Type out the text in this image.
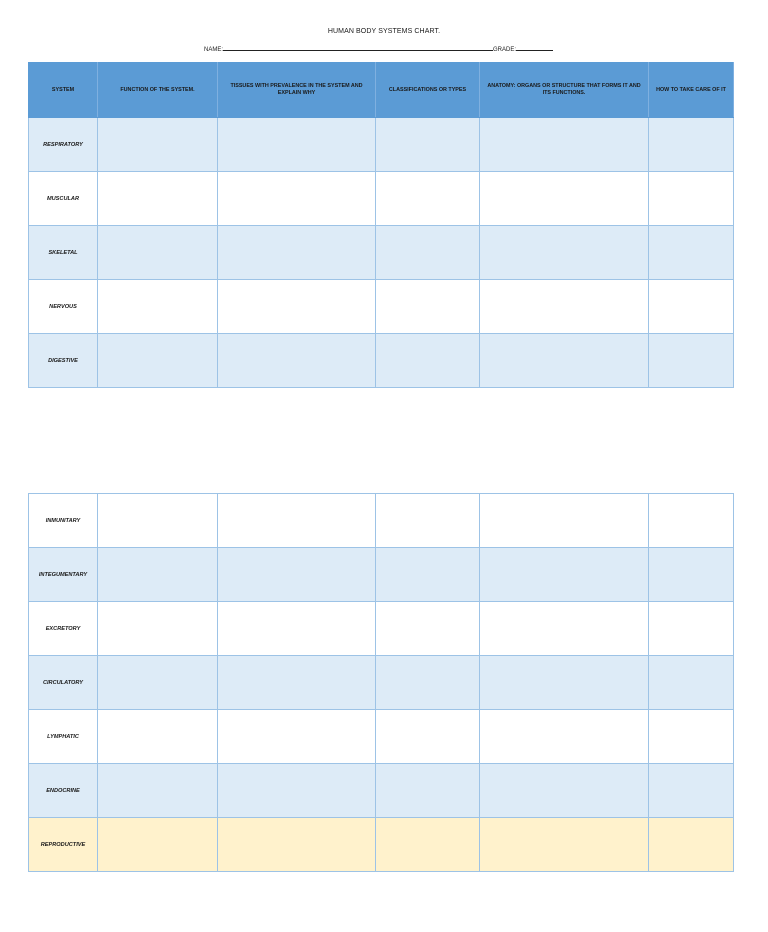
HUMAN BODY SYSTEMS CHART.
NAME:	GRADE:
SYSTEM	FUNCTION OF THE SYSTEM.	TISSUES WITH PREVALENCE IN THE SYSTEM AND EXPLAIN WHY	CLASSIFICATIONS OR TYPES	ANATOMY: ORGANS OR STRUCTURE THAT FORMS IT AND ITS FUNCTIONS.	HOW TO TAKE CARE OF IT
RESPIRATORY					
MUSCULAR					
SKELETAL					
NERVOUS					
DIGESTIVE					
INMUNITARY					
INTEGUMENTARY					
EXCRETORY					
CIRCULATORY					
LYMPHATIC					
ENDOCRINE					
REPRODUCTIVE					
